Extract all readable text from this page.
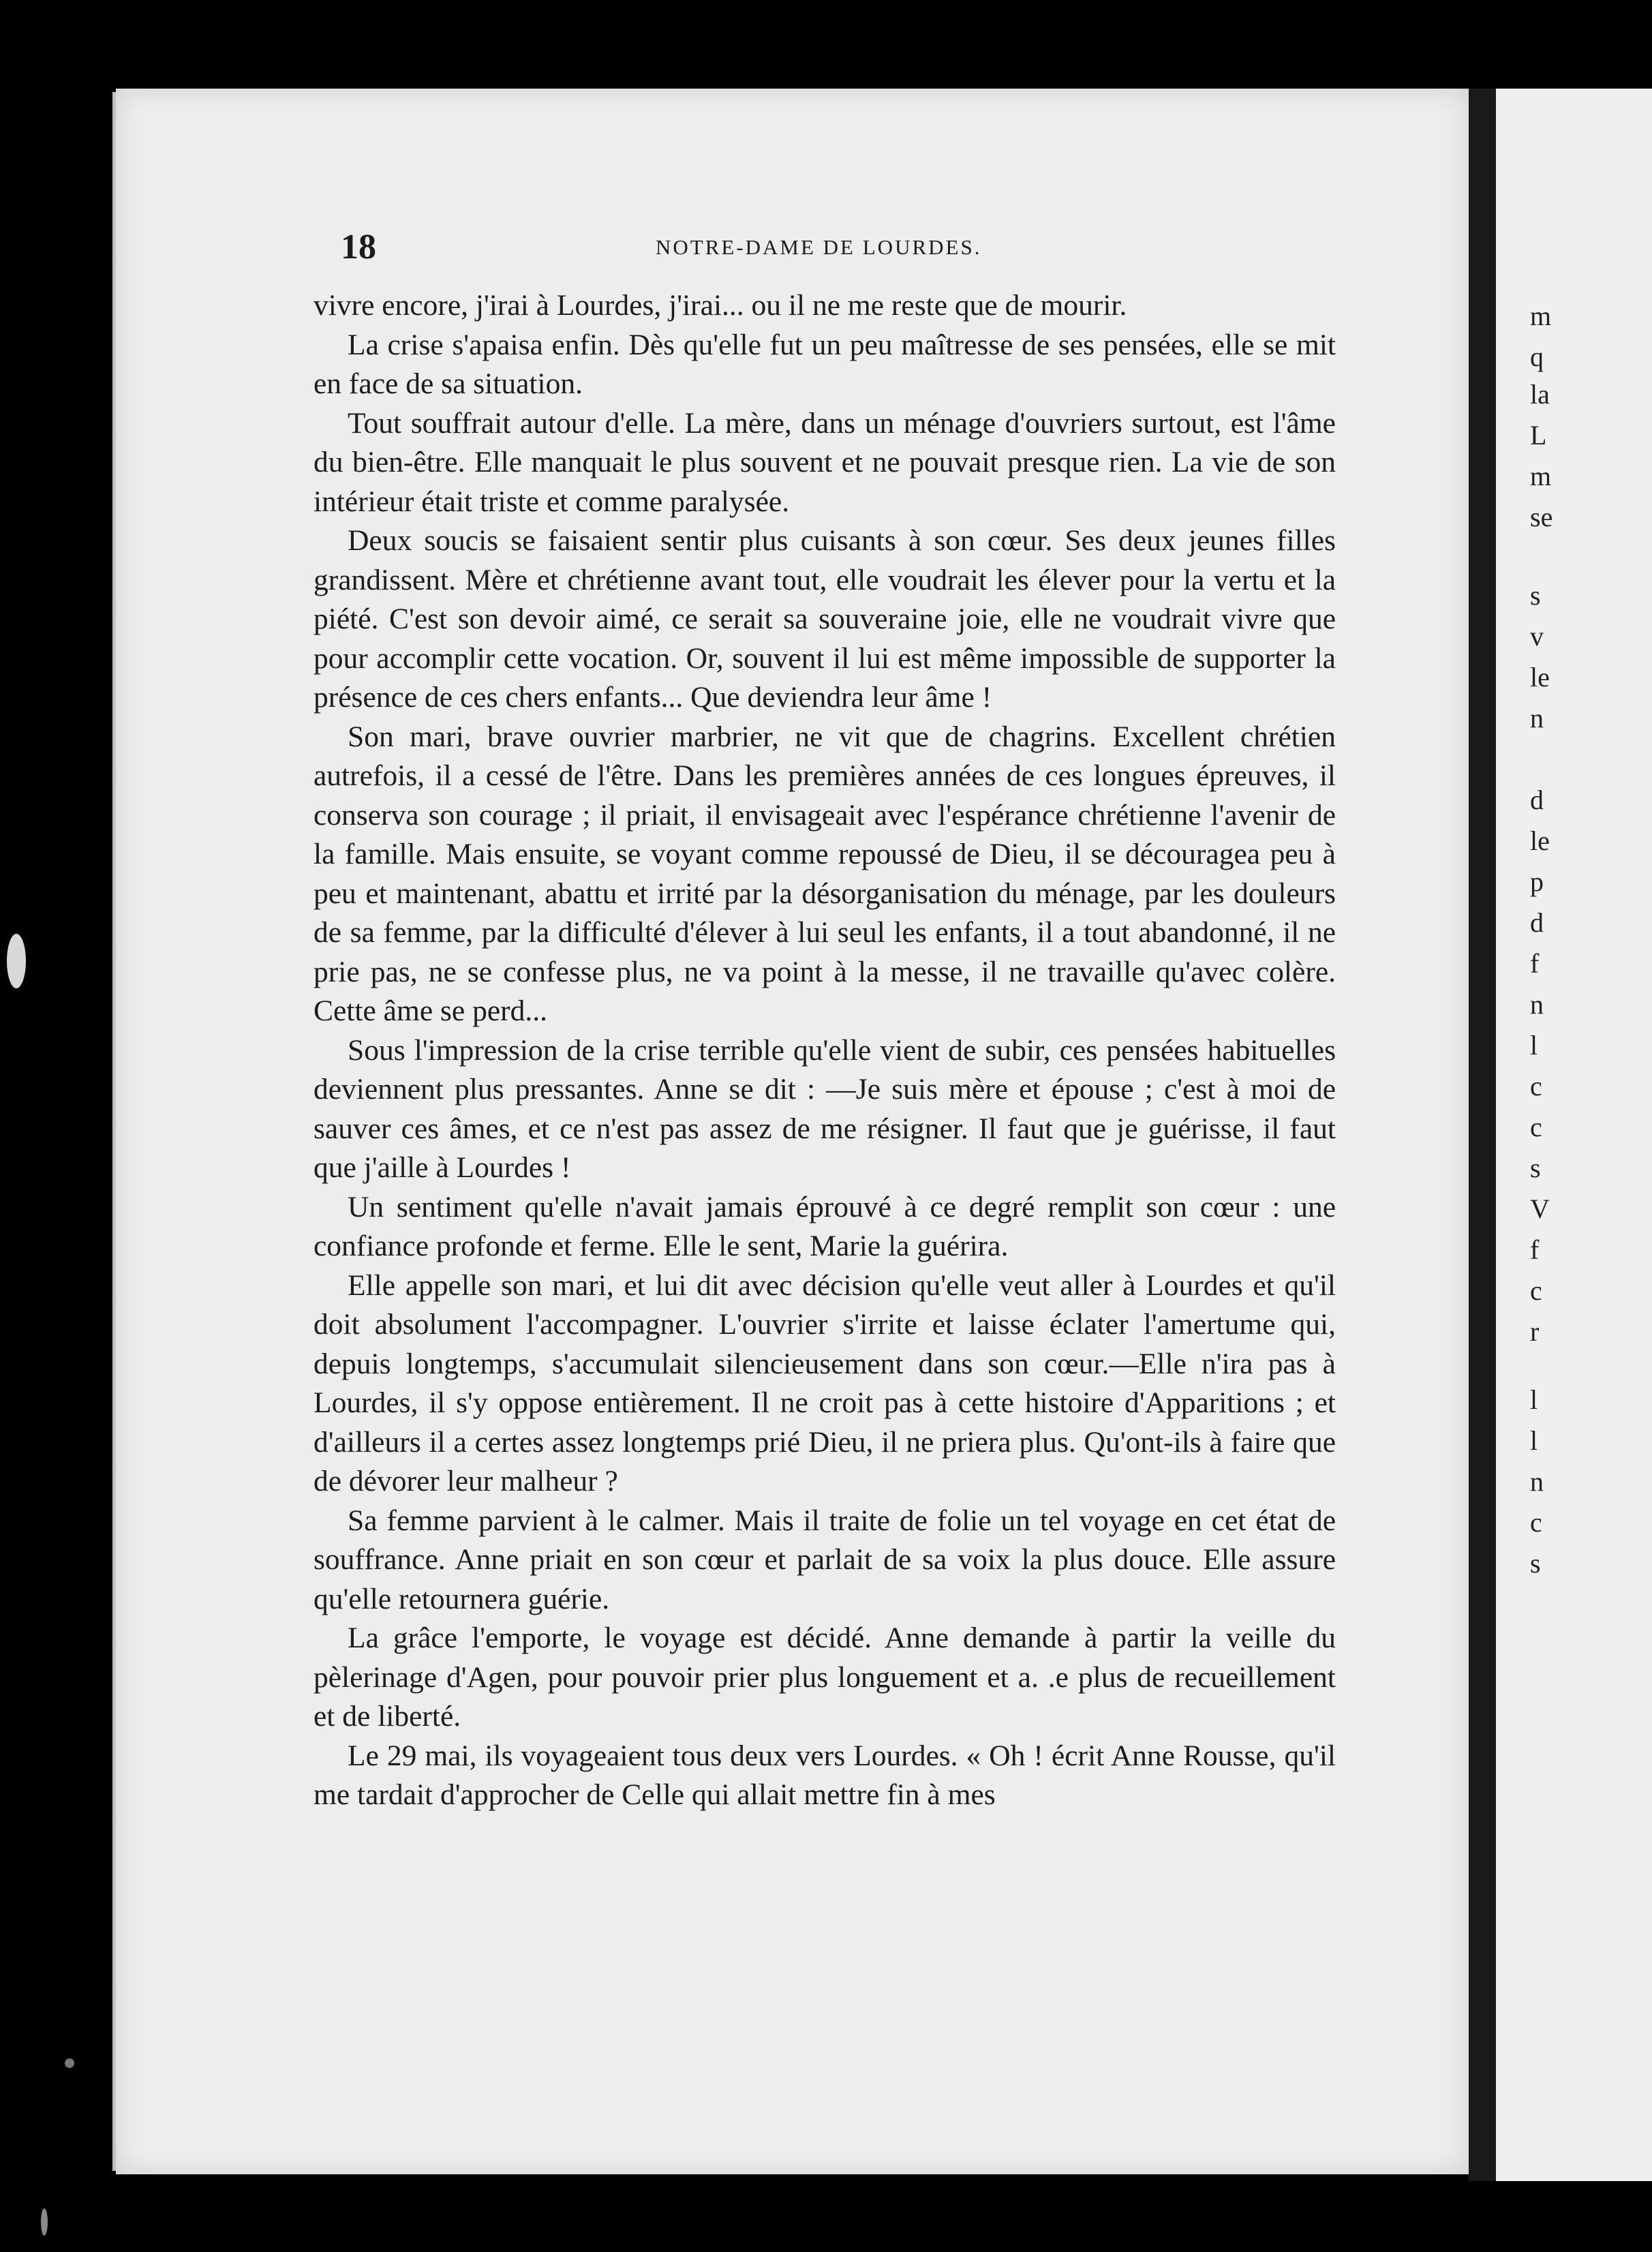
m
q
la
L
m
se
s
v
le
n
d
le
p
d
f
n
l
c
c
s
V
f
c
r
l
l
n
c
s
18	NOTRE-DAME DE LOURDES.

vivre encore, j'irai à Lourdes, j'irai... ou il ne me reste que de mourir.

La crise s'apaisa enfin. Dès qu'elle fut un peu maîtresse de ses pensées, elle se mit en face de sa situation.

Tout souffrait autour d'elle. La mère, dans un ménage d'ouvriers surtout, est l'âme du bien-être. Elle manquait le plus souvent et ne pouvait presque rien. La vie de son intérieur était triste et comme paralysée.

Deux soucis se faisaient sentir plus cuisants à son cœur. Ses deux jeunes filles grandissent. Mère et chrétienne avant tout, elle voudrait les élever pour la vertu et la piété. C'est son devoir aimé, ce serait sa souveraine joie, elle ne voudrait vivre que pour accomplir cette vocation. Or, souvent il lui est même impossible de supporter la présence de ces chers enfants... Que deviendra leur âme !

Son mari, brave ouvrier marbrier, ne vit que de chagrins. Excellent chrétien autrefois, il a cessé de l'être. Dans les premières années de ces longues épreuves, il conserva son courage ; il priait, il envisageait avec l'espérance chrétienne l'avenir de la famille. Mais ensuite, se voyant comme repoussé de Dieu, il se découragea peu à peu et maintenant, abattu et irrité par la désorganisation du ménage, par les douleurs de sa femme, par la difficulté d'élever à lui seul les enfants, il a tout abandonné, il ne prie pas, ne se confesse plus, ne va point à la messe, il ne travaille qu'avec colère. Cette âme se perd...

Sous l'impression de la crise terrible qu'elle vient de subir, ces pensées habituelles deviennent plus pressantes. Anne se dit : —Je suis mère et épouse ; c'est à moi de sauver ces âmes, et ce n'est pas assez de me résigner. Il faut que je guérisse, il faut que j'aille à Lourdes !

Un sentiment qu'elle n'avait jamais éprouvé à ce degré remplit son cœur : une confiance profonde et ferme. Elle le sent, Marie la guérira.

Elle appelle son mari, et lui dit avec décision qu'elle veut aller à Lourdes et qu'il doit absolument l'accompagner. L'ouvrier s'irrite et laisse éclater l'amertume qui, depuis longtemps, s'accumulait silencieusement dans son cœur.—Elle n'ira pas à Lourdes, il s'y oppose entièrement. Il ne croit pas à cette histoire d'Apparitions ; et d'ailleurs il a certes assez longtemps prié Dieu, il ne priera plus. Qu'ont-ils à faire que de dévorer leur malheur ?

Sa femme parvient à le calmer. Mais il traite de folie un tel voyage en cet état de souffrance. Anne priait en son cœur et parlait de sa voix la plus douce. Elle assure qu'elle retournera guérie.

La grâce l'emporte, le voyage est décidé. Anne demande à partir la veille du pèlerinage d'Agen, pour pouvoir prier plus longuement et a. .e plus de recueillement et de liberté.

Le 29 mai, ils voyageaient tous deux vers Lourdes. « Oh ! écrit Anne Rousse, qu'il me tardait d'approcher de Celle qui allait mettre fin à mes
